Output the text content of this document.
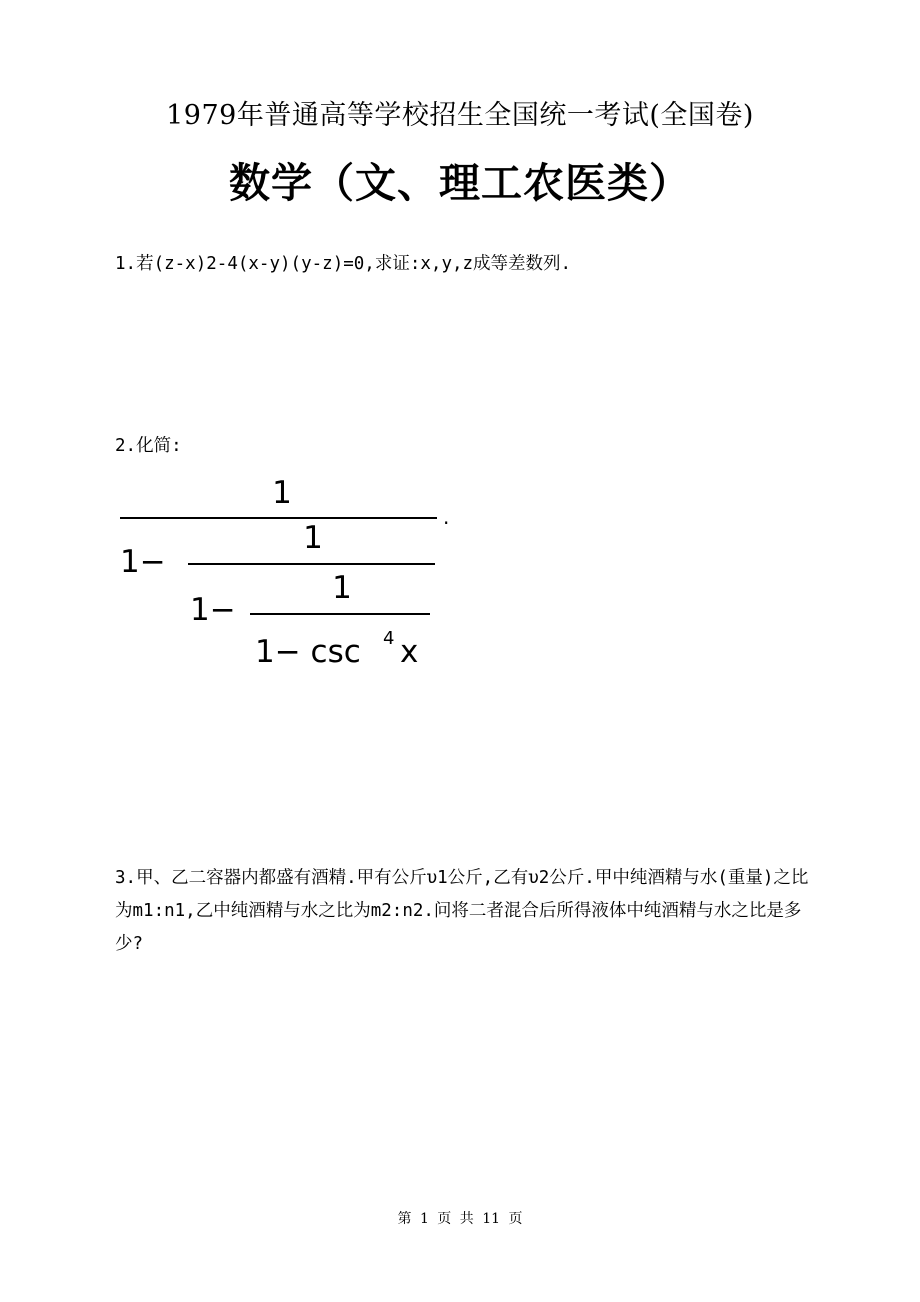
1979年普通高等学校招生全国统一考试(全国卷)
数学（文、理工农医类）
1.若(z-x)2-4(x-y)(y-z)=0,求证:x,y,z成等差数列.
2.化简:
1
.
1−
1
1−
1
1− csc 4 x
3.甲、乙二容器内都盛有酒精.甲有公斤υ1公斤,乙有υ2公斤.甲中纯酒精与水(重量)之比为m1:n1,乙中纯酒精与水之比为m2:n2.问将二者混合后所得液体中纯酒精与水之比是多少?
第 1 页 共 11 页
